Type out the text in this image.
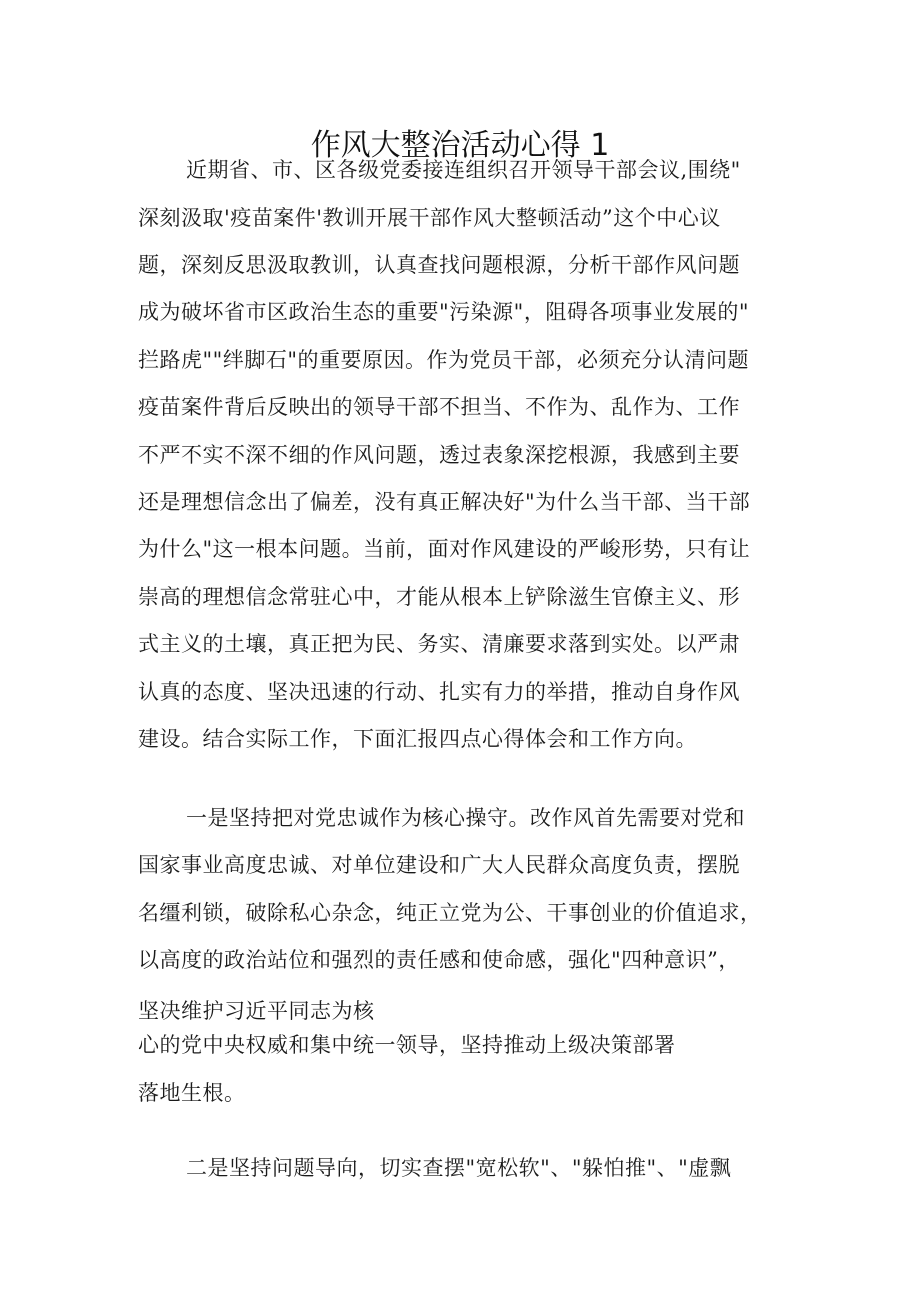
作风大整治活动心得 1
近期省、市、区各级党委接连组织召开领导干部会议,围绕"
深刻汲取'疫苗案件'教训开展干部作风大整顿活动”这个中心议
题，深刻反思汲取教训，认真查找问题根源，分析干部作风问题
成为破坏省市区政治生态的重要"污染源"，阻碍各项事业发展的"
拦路虎""绊脚石"的重要原因。作为党员干部，必须充分认清问题
疫苗案件背后反映出的领导干部不担当、不作为、乱作为、工作
不严不实不深不细的作风问题，透过表象深挖根源，我感到主要
还是理想信念出了偏差，没有真正解决好"为什么当干部、当干部
为什么"这一根本问题。当前，面对作风建设的严峻形势，只有让
崇高的理想信念常驻心中，才能从根本上铲除滋生官僚主义、形
式主义的土壤，真正把为民、务实、清廉要求落到实处。以严肃
认真的态度、坚决迅速的行动、扎实有力的举措，推动自身作风
建设。结合实际工作，下面汇报四点心得体会和工作方向。
一是坚持把对党忠诚作为核心操守。改作风首先需要对党和
国家事业高度忠诚、对单位建设和广大人民群众高度负责，摆脱
名缰利锁，破除私心杂念，纯正立党为公、干事创业的价值追求，
以高度的政治站位和强烈的责任感和使命感，强化"四种意识”，
坚决维护习近平同志为核
心的党中央权威和集中统一领导，坚持推动上级决策部署
落地生根。
二是坚持问题导向，切实查摆"宽松软"、"躲怕推"、"虚飘
